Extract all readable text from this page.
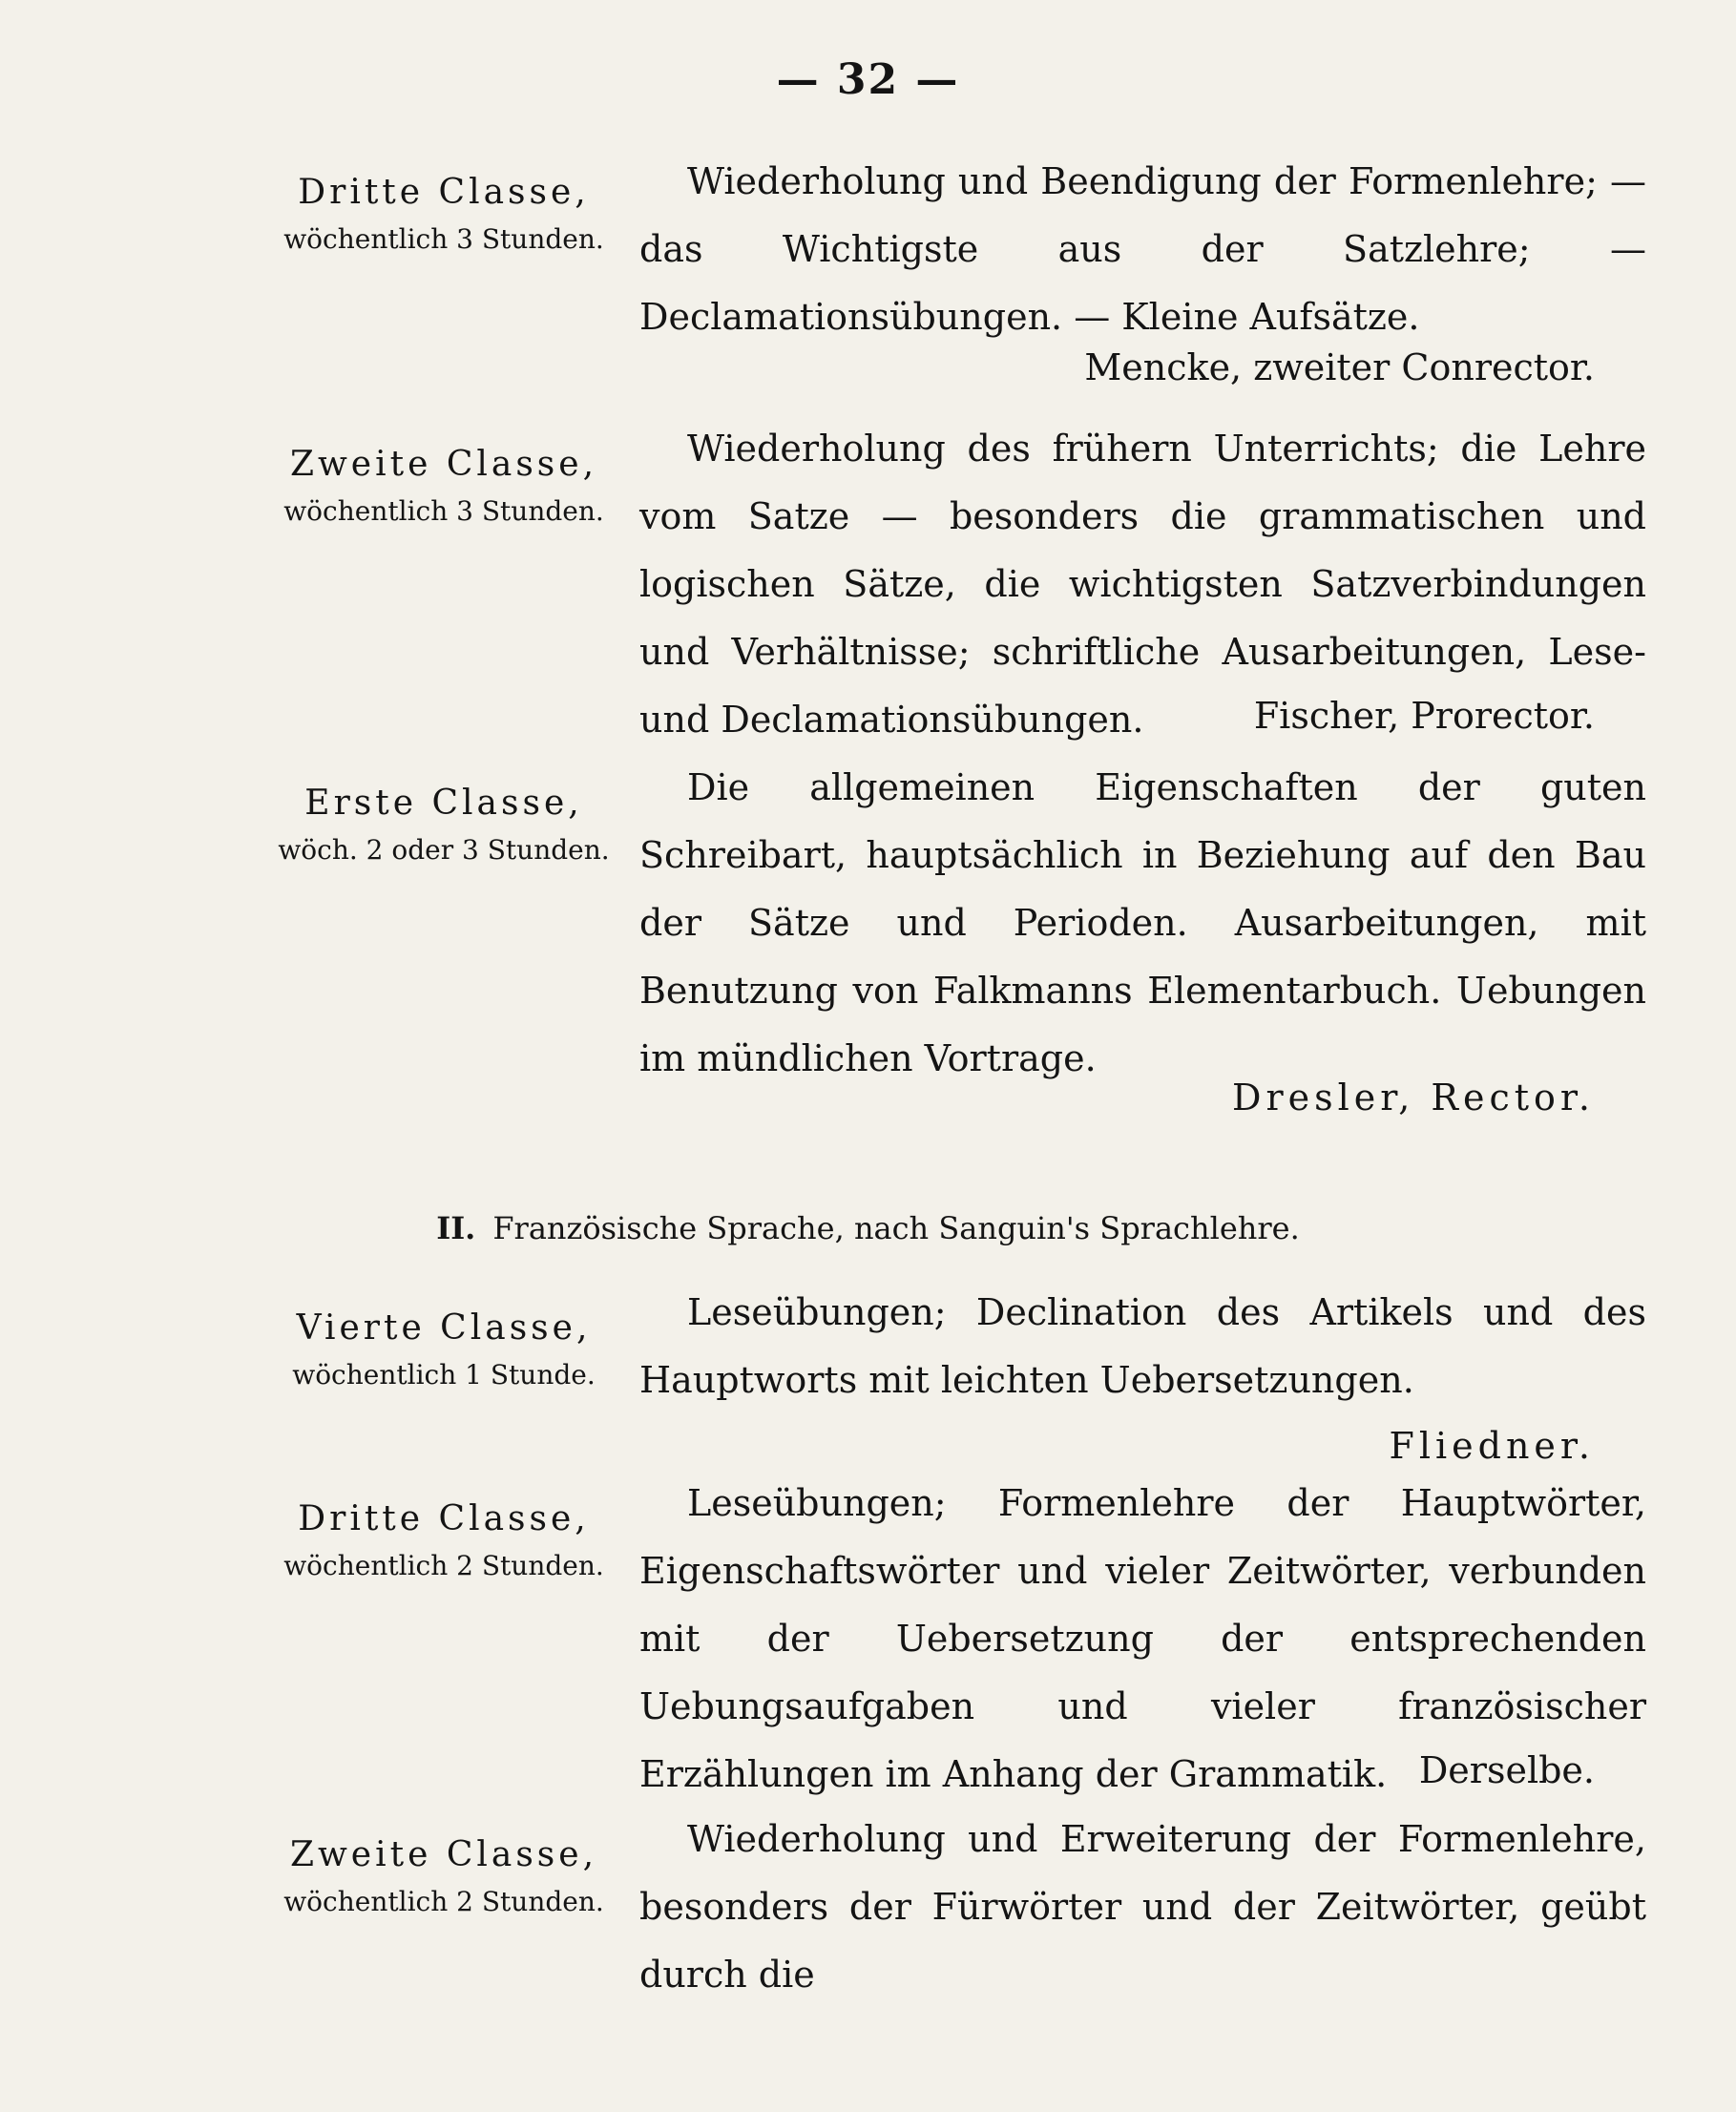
— 32 —
Dritte Classe,
wöchentlich 3 Stunden.
Wiederholung und Beendigung der Formenlehre; — das Wichtigste aus der Satzlehre; — Declamationsübungen. — Kleine Aufsätze.
Mencke, zweiter Conrector.
Zweite Classe,
wöchentlich 3 Stunden.
Wiederholung des frühern Unterrichts; die Lehre vom Satze — besonders die grammatischen und logischen Sätze, die wichtigsten Satzverbindungen und Verhältnisse; schriftliche Ausarbeitungen, Lese- und Declamationsübungen.	Fischer, Prorector.
Erste Classe,
wöch. 2 oder 3 Stunden.
Die allgemeinen Eigenschaften der guten Schreibart, hauptsächlich in Beziehung auf den Bau der Sätze und Perioden. Ausarbeitungen, mit Benutzung von Falkmanns Elementarbuch. Uebungen im mündlichen Vortrage.
Dresler, Rector.
II. Französische Sprache, nach Sanguin's Sprachlehre.
Vierte Classe,
wöchentlich 1 Stunde.
Leseübungen; Declination des Artikels und des Hauptworts mit leichten Uebersetzungen.
Fliedner.
Dritte Classe,
wöchentlich 2 Stunden.
Leseübungen; Formenlehre der Hauptwörter, Eigenschaftswörter und vieler Zeitwörter, verbunden mit der Uebersetzung der entsprechenden Uebungsaufgaben und vieler französischer Erzählungen im Anhang der Grammatik. Derselbe.
Zweite Classe,
wöchentlich 2 Stunden.
Wiederholung und Erweiterung der Formenlehre, besonders der Fürwörter und der Zeitwörter, geübt durch die
